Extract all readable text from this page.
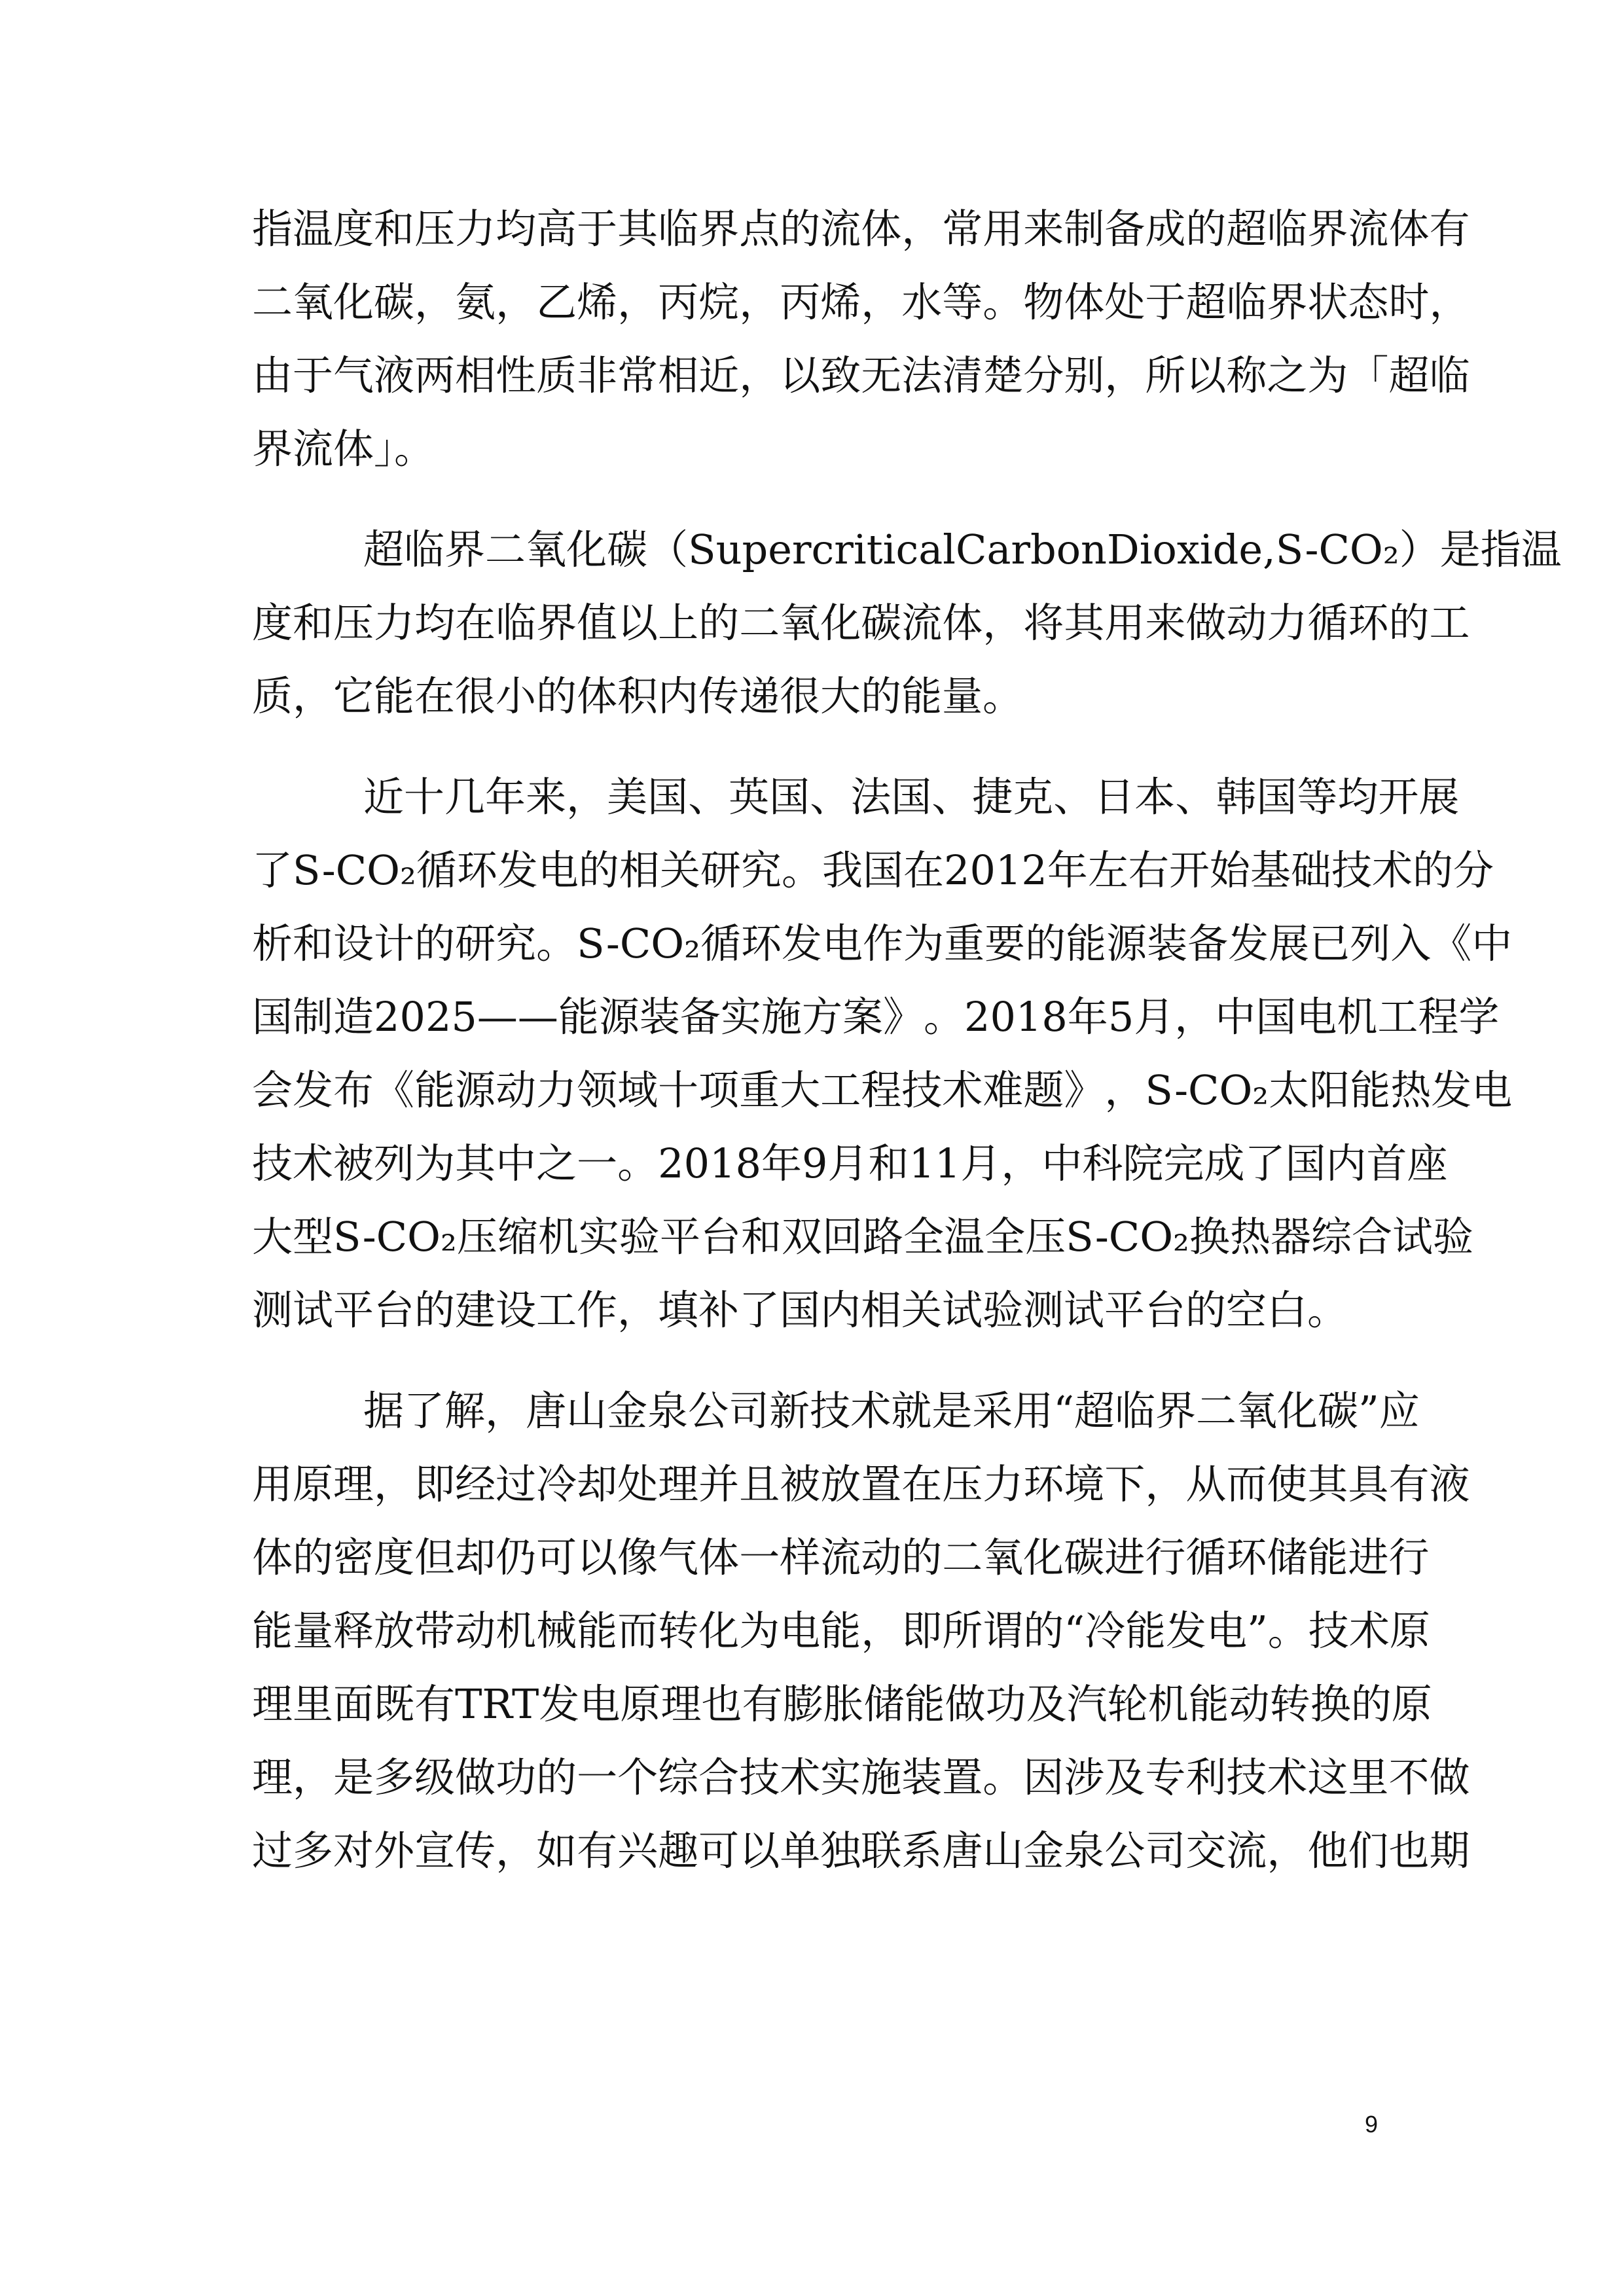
指 温 度 和 压 力 均 高 于 其 临 界 点 的 流 体 ， 常 用 来 制 备 成 的 超 临 界 流 体 有
二 氧 化 碳 ， 氨 ， 乙 烯 ， 丙 烷 ， 丙 烯 ， 水 等 。 物 体 处 于 超 临 界 状 态 时 ，
由 于 气 液 两 相 性 质 非 常 相 近 ， 以 致 无 法 清 楚 分 别 ， 所 以 称 之 为 「 超 临
界流体」。
超 临 界 二 氧 化 碳 （ Supercritical Carbon Dioxide, S-CO₂ ） 是 指 温
度 和 压 力 均 在 临 界 值 以 上 的 二 氧 化 碳 流 体 ， 将 其 用 来 做 动 力 循 环 的 工
质，它能在很小的体积内传递很大的能量。
近 十 几 年 来 ， 美 国 、 英 国 、 法 国 、 捷 克 、 日 本 、 韩 国 等 均 开 展
了 S-CO₂ 循 环 发 电 的 相 关 研 究 。 我 国 在 2012 年 左 右 开 始 基 础 技 术 的 分
析 和 设 计 的 研 究 。 S-CO₂ 循 环 发 电 作 为 重 要 的 能 源 装 备 发 展 已 列 入 《 中
国 制 造 2025 — — 能 源 装 备 实 施 方 案 》 。 2018 年 5 月 ， 中 国 电 机 工 程 学
会 发 布 《 能 源 动 力 领 域 十 项 重 大 工 程 技 术 难 题 》 ， S-CO₂ 太 阳 能 热 发 电
技 术 被 列 为 其 中 之 一 。 2018 年 9 月 和 11 月 ， 中 科 院 完 成 了 国 内 首 座
大 型 S-CO₂ 压 缩 机 实 验 平 台 和 双 回 路 全 温 全 压 S-CO₂ 换 热 器 综 合 试 验
测试平台的建设工作，填补了国内相关试验测试平台的空白。
据 了 解 ， 唐 山 金 泉 公 司 新 技 术 就 是 采 用 “ 超 临 界 二 氧 化 碳 ” 应
用 原 理 ， 即 经 过 冷 却 处 理 并 且 被 放 置 在 压 力 环 境 下 ， 从 而 使 其 具 有 液
体 的 密 度 但 却 仍 可 以 像 气 体 一 样 流 动 的 二 氧 化 碳 进 行 循 环 储 能 进 行
能 量 释 放 带 动 机 械 能 而 转 化 为 电 能 ， 即 所 谓 的 “ 冷 能 发 电 ” 。 技 术 原
理 里 面 既 有 TRT 发 电 原 理 也 有 膨 胀 储 能 做 功 及 汽 轮 机 能 动 转 换 的 原
理 ， 是 多 级 做 功 的 一 个 综 合 技 术 实 施 装 置 。 因 涉 及 专 利 技 术 这 里 不 做
过 多 对 外 宣 传 ， 如 有 兴 趣 可 以 单 独 联 系 唐 山 金 泉 公 司 交 流 ， 他 们 也 期
9
